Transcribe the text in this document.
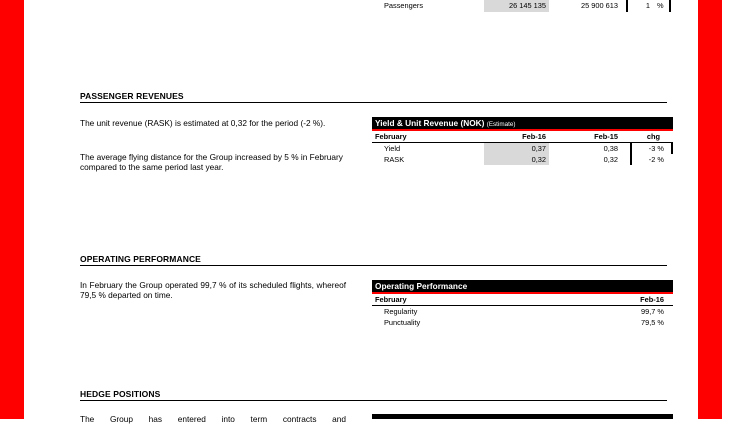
Passengers	26 145 135	25 900 613	1 %
PASSENGER REVENUES

The unit revenue (RASK) is estimated at 0,32 for the period (-2 %).

The average flying distance for the Group increased by 5 % in February compared to the same period last year.

Yield & Unit Revenue (NOK) (Estimate)
February	Feb-16	Feb-15	chg
Yield	0,37	0,38	-3 %
RASK	0,32	0,32	-2 %
OPERATING PERFORMANCE

In February the Group operated 99,7 % of its scheduled flights, whereof 79,5 % departed on time.

Operating Performance
February	Feb-16
Regularity	99,7 %
Punctuality	79,5 %
HEDGE POSITIONS

The Group has entered into term contracts and
